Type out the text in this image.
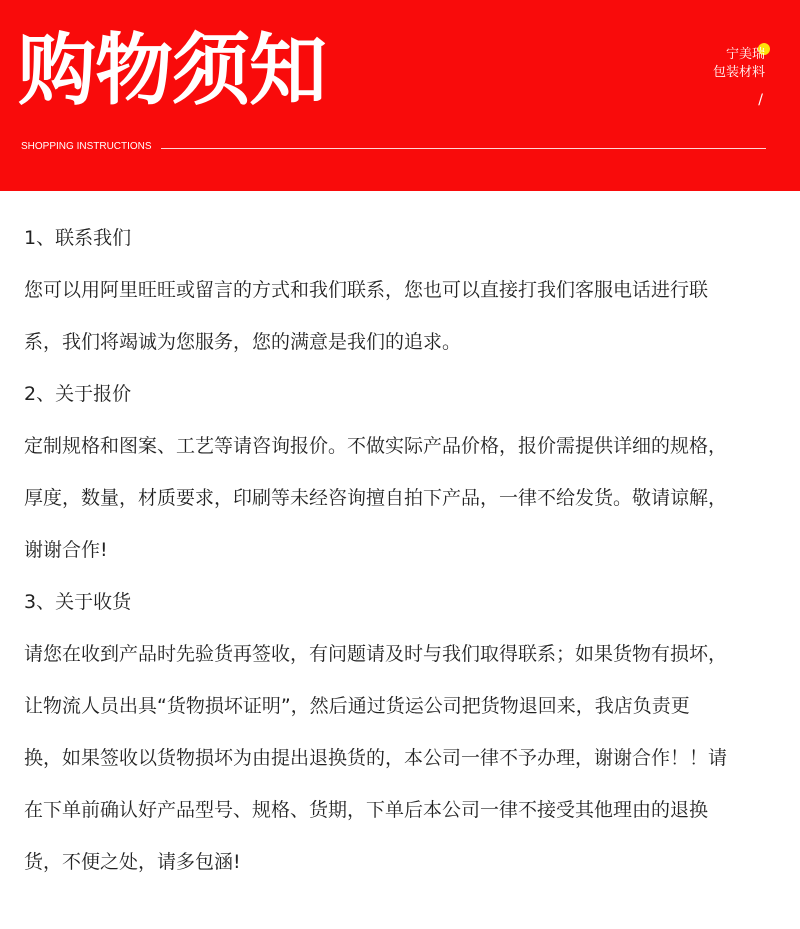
购物须知
SHOPPING INSTRUCTIONS
宁美瑞
包装材料
/
1、联系我们
您可以用阿里旺旺或留言的方式和我们联系，您也可以直接打我们客服电话进行联
系，我们将竭诚为您服务，您的满意是我们的追求。
2、关于报价
定制规格和图案、工艺等请咨询报价。不做实际产品价格，报价需提供详细的规格，
厚度，数量，材质要求，印刷等未经咨询擅自拍下产品，一律不给发货。敬请谅解，
谢谢合作!
3、关于收货
请您在收到产品时先验货再签收，有问题请及时与我们取得联系；如果货物有损坏，
让物流人员出具“货物损坏证明”，然后通过货运公司把货物退回来，我店负责更
换，如果签收以货物损坏为由提出退换货的，本公司一律不予办理，谢谢合作！！请
在下单前确认好产品型号、规格、货期，下单后本公司一律不接受其他理由的退换
货，不便之处，请多包涵!
